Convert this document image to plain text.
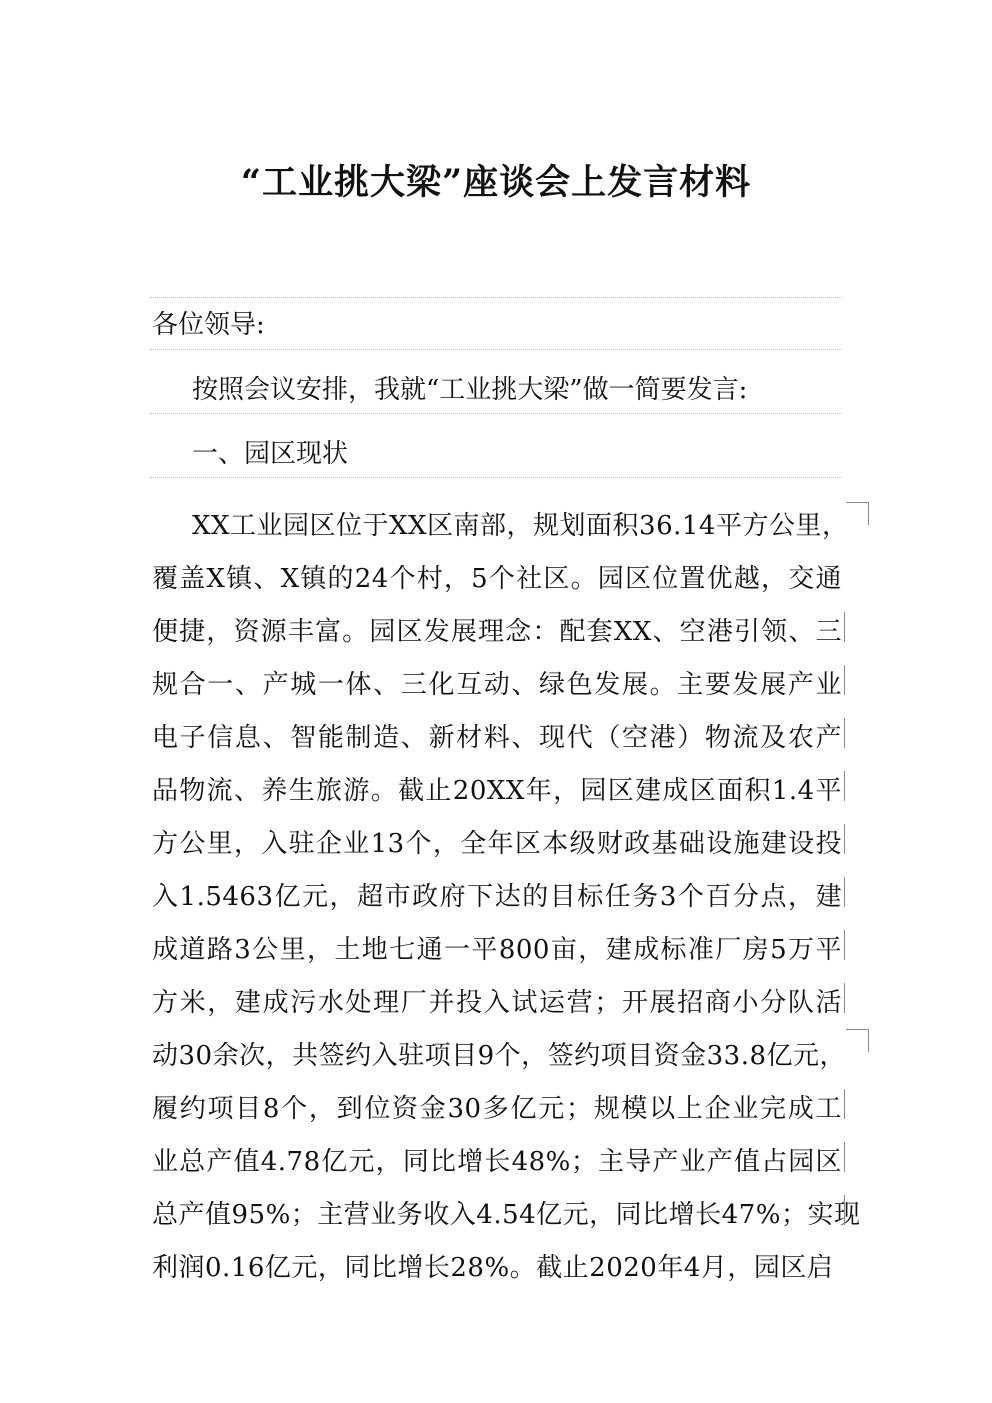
“工业挑大梁”座谈会上发言材料
各位领导:
按照会议安排，我就“工业挑大梁”做一简要发言:
一、园区现状
XX工业园区位于XX区南部，规划面积36.14平方公里，
覆盖X镇、X镇的24个村，5个社区。园区位置优越，交通
便捷，资源丰富。园区发展理念：配套XX、空港引领、三
规合一、产城一体、三化互动、绿色发展。主要发展产业
电子信息、智能制造、新材料、现代（空港）物流及农产
品物流、养生旅游。截止20XX年，园区建成区面积1.4平
方公里，入驻企业13个，全年区本级财政基础设施建设投
入1.5463亿元，超市政府下达的目标任务3个百分点，建
成道路3公里，土地七通一平800亩，建成标准厂房5万平
方米，建成污水处理厂并投入试运营；开展招商小分队活
动30余次，共签约入驻项目9个，签约项目资金33.8亿元，
履约项目8个，到位资金30多亿元；规模以上企业完成工
业总产值4.78亿元，同比增长48%；主导产业产值占园区
总产值95%；主营业务收入4.54亿元，同比增长47%；实现
利润0.16亿元，同比增长28%。截止2020年4月，园区启
